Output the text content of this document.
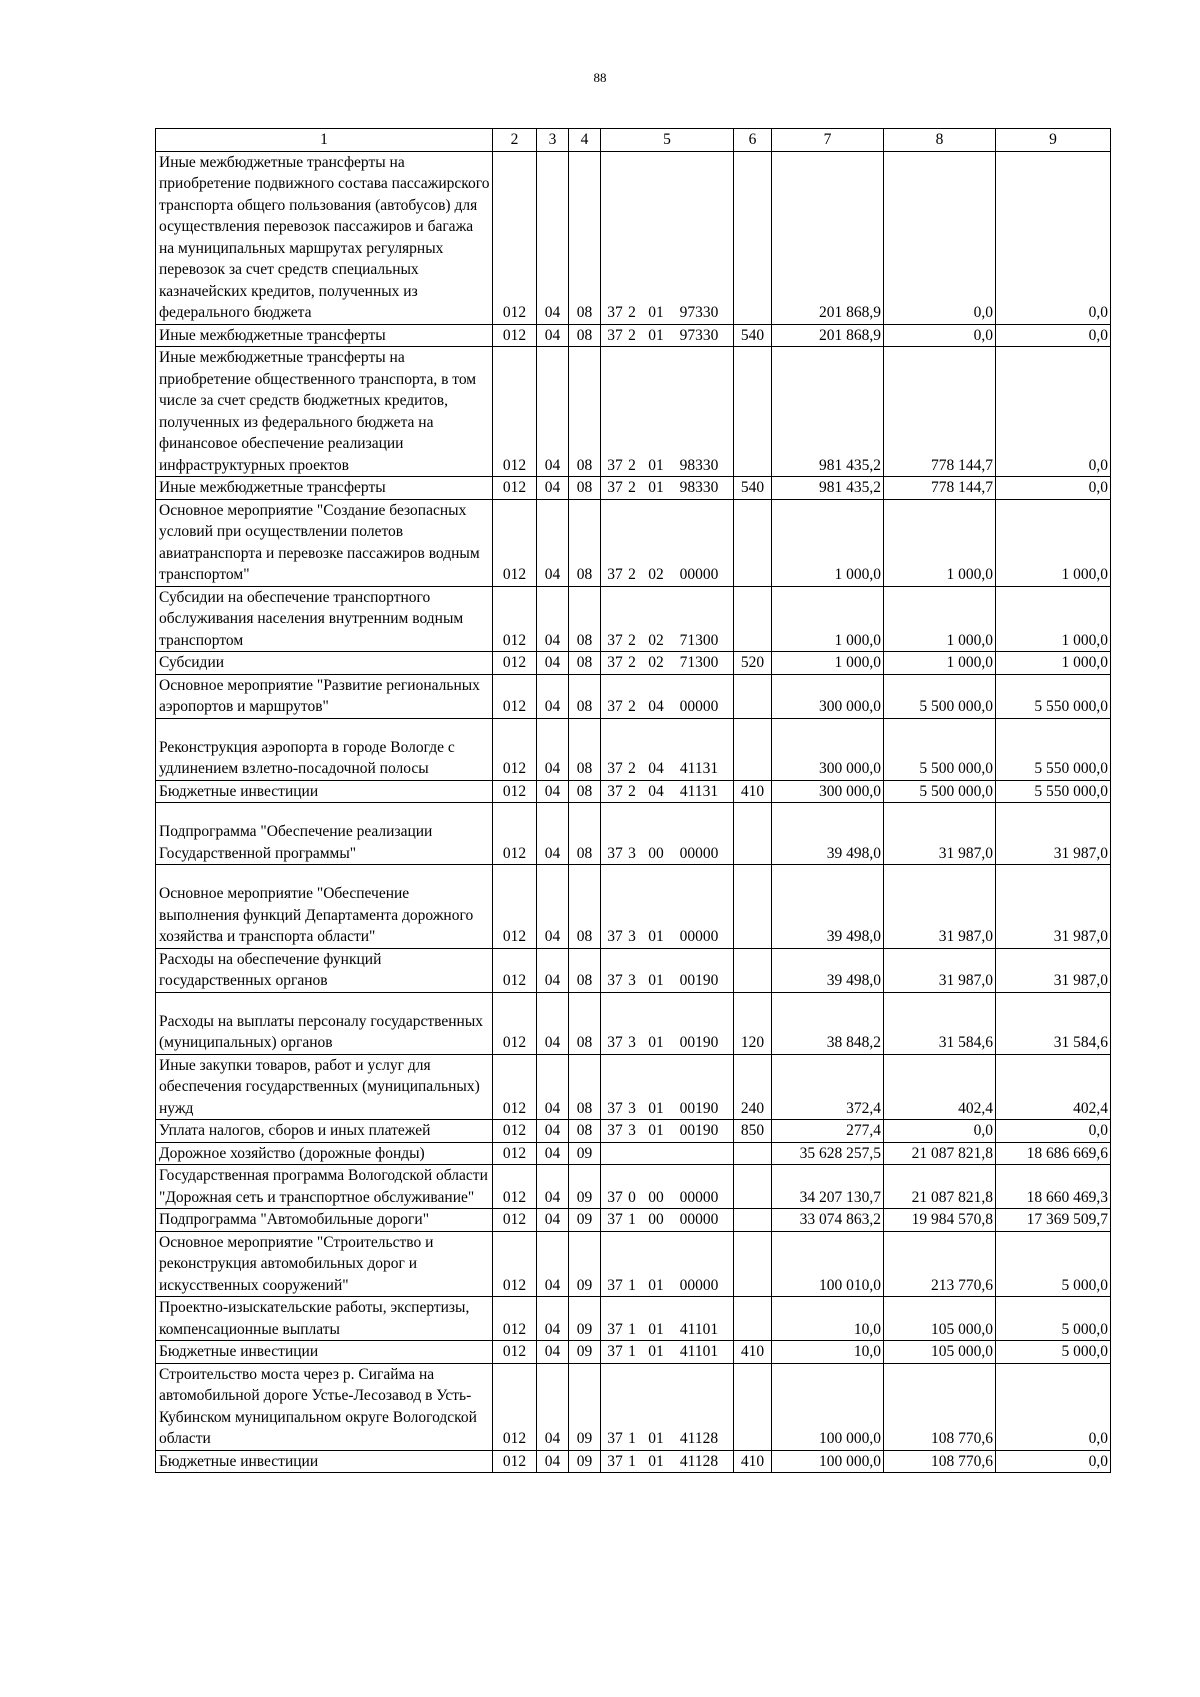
88
1	2	3	4	5	6	7	8	9
Иные межбюджетные трансферты на приобретение подвижного состава пассажирского транспорта общего пользования (автобусов) для осуществления перевозок пассажиров и багажа на муниципальных маршрутах регулярных перевозок за счет средств специальных казначейских кредитов, полученных из федерального бюджета	012	04	08	37 2 01 97330		201 868,9	0,0	0,0
Иные межбюджетные трансферты	012	04	08	37 2 01 97330	540	201 868,9	0,0	0,0
Иные межбюджетные трансферты на приобретение общественного транспорта, в том числе за счет средств бюджетных кредитов, полученных из федерального бюджета на финансовое обеспечение реализации инфраструктурных проектов	012	04	08	37 2 01 98330		981 435,2	778 144,7	0,0
Иные межбюджетные трансферты	012	04	08	37 2 01 98330	540	981 435,2	778 144,7	0,0
Основное мероприятие "Создание безопасных условий при осуществлении полетов авиатранспорта и перевозке пассажиров водным транспортом"	012	04	08	37 2 02 00000		1 000,0	1 000,0	1 000,0
Субсидии на обеспечение транспортного обслуживания населения внутренним водным транспортом	012	04	08	37 2 02 71300		1 000,0	1 000,0	1 000,0
Субсидии	012	04	08	37 2 02 71300	520	1 000,0	1 000,0	1 000,0
Основное мероприятие "Развитие региональных аэропортов и маршрутов"	012	04	08	37 2 04 00000		300 000,0	5 500 000,0	5 550 000,0
Реконструкция аэропорта в городе Вологде с удлинением взлетно-посадочной полосы	012	04	08	37 2 04 41131		300 000,0	5 500 000,0	5 550 000,0
Бюджетные инвестиции	012	04	08	37 2 04 41131	410	300 000,0	5 500 000,0	5 550 000,0
Подпрограмма "Обеспечение реализации Государственной программы"	012	04	08	37 3 00 00000		39 498,0	31 987,0	31 987,0
Основное мероприятие "Обеспечение выполнения функций Департамента дорожного хозяйства и транспорта области"	012	04	08	37 3 01 00000		39 498,0	31 987,0	31 987,0
Расходы на обеспечение функций государственных органов	012	04	08	37 3 01 00190		39 498,0	31 987,0	31 987,0
Расходы на выплаты персоналу государственных (муниципальных) органов	012	04	08	37 3 01 00190	120	38 848,2	31 584,6	31 584,6
Иные закупки товаров, работ и услуг для обеспечения государственных (муниципальных) нужд	012	04	08	37 3 01 00190	240	372,4	402,4	402,4
Уплата налогов, сборов и иных платежей	012	04	08	37 3 01 00190	850	277,4	0,0	0,0
Дорожное хозяйство (дорожные фонды)	012	04	09			35 628 257,5	21 087 821,8	18 686 669,6
Государственная программа Вологодской области "Дорожная сеть и транспортное обслуживание"	012	04	09	37 0 00 00000		34 207 130,7	21 087 821,8	18 660 469,3
Подпрограмма "Автомобильные дороги"	012	04	09	37 1 00 00000		33 074 863,2	19 984 570,8	17 369 509,7
Основное мероприятие "Строительство и реконструкция автомобильных дорог и искусственных сооружений"	012	04	09	37 1 01 00000		100 010,0	213 770,6	5 000,0
Проектно-изыскательские работы, экспертизы, компенсационные выплаты	012	04	09	37 1 01 41101		10,0	105 000,0	5 000,0
Бюджетные инвестиции	012	04	09	37 1 01 41101	410	10,0	105 000,0	5 000,0
Строительство моста через р. Сигайма на автомобильной дороге Устье-Лесозавод в Усть-Кубинском муниципальном округе Вологодской области	012	04	09	37 1 01 41128		100 000,0	108 770,6	0,0
Бюджетные инвестиции	012	04	09	37 1 01 41128	410	100 000,0	108 770,6	0,0
